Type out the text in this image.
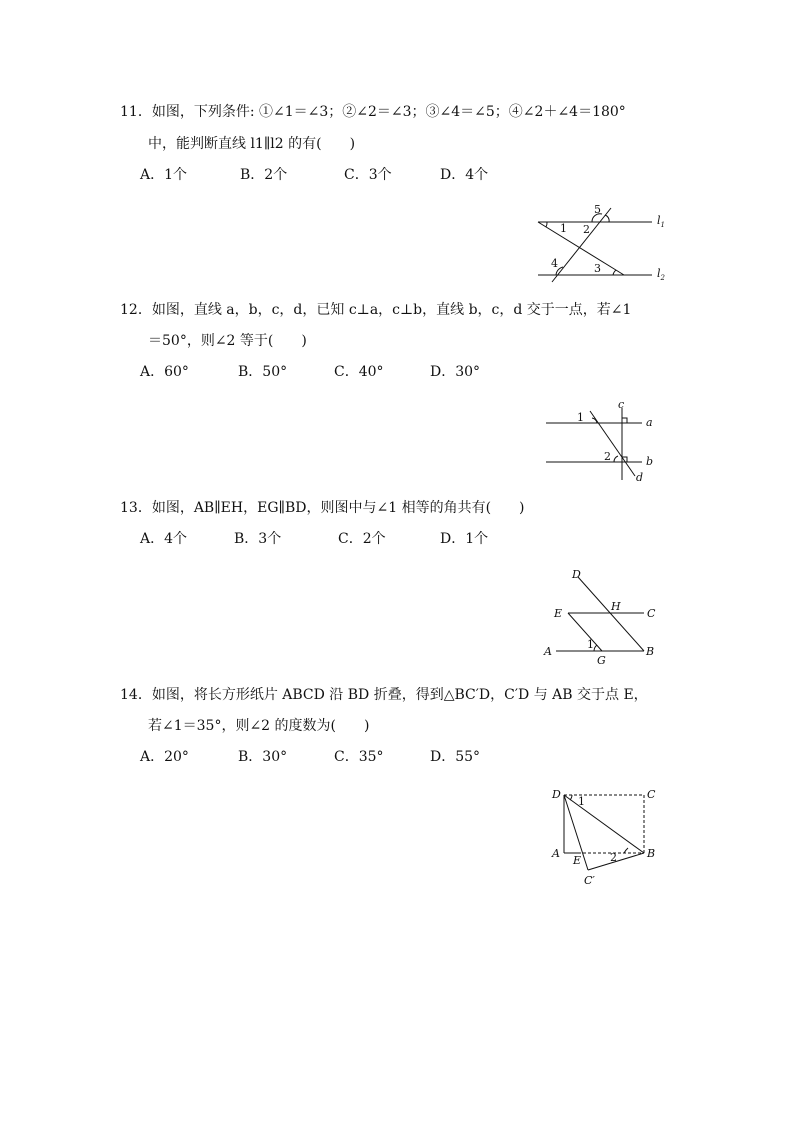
11．如图，下列条件: ①∠1＝∠3；②∠2＝∠3；③∠4＝∠5；④∠2＋∠4＝180°
中，能判断直线 l1∥l2 的有(　　)
A．1个	B．2个	C．3个	D．4个
5
2
1
4	3
$l_1$
$l_2$
12．如图，直线 a，b，c，d，已知 c⊥a，c⊥b，直线 b，c，d 交于一点，若∠1
＝50°，则∠2 等于(　　)
A．60°	B．50°	C．40°	D．30°
c
a
b
d
1
2
13．如图，AB∥EH，EG∥BD，则图中与∠1 相等的角共有(　　)
A．4个	B．3个	C．2个	D．1个
D
E
H
C
A
1
G
B
14．如图，将长方形纸片 ABCD 沿 BD 折叠，得到△BC′D，C′D 与 AB 交于点 E，
若∠1＝35°，则∠2 的度数为(　　)
A．20°	B．30°	C．35°	D．55°
D	C
1
A
E	2	B
C′
